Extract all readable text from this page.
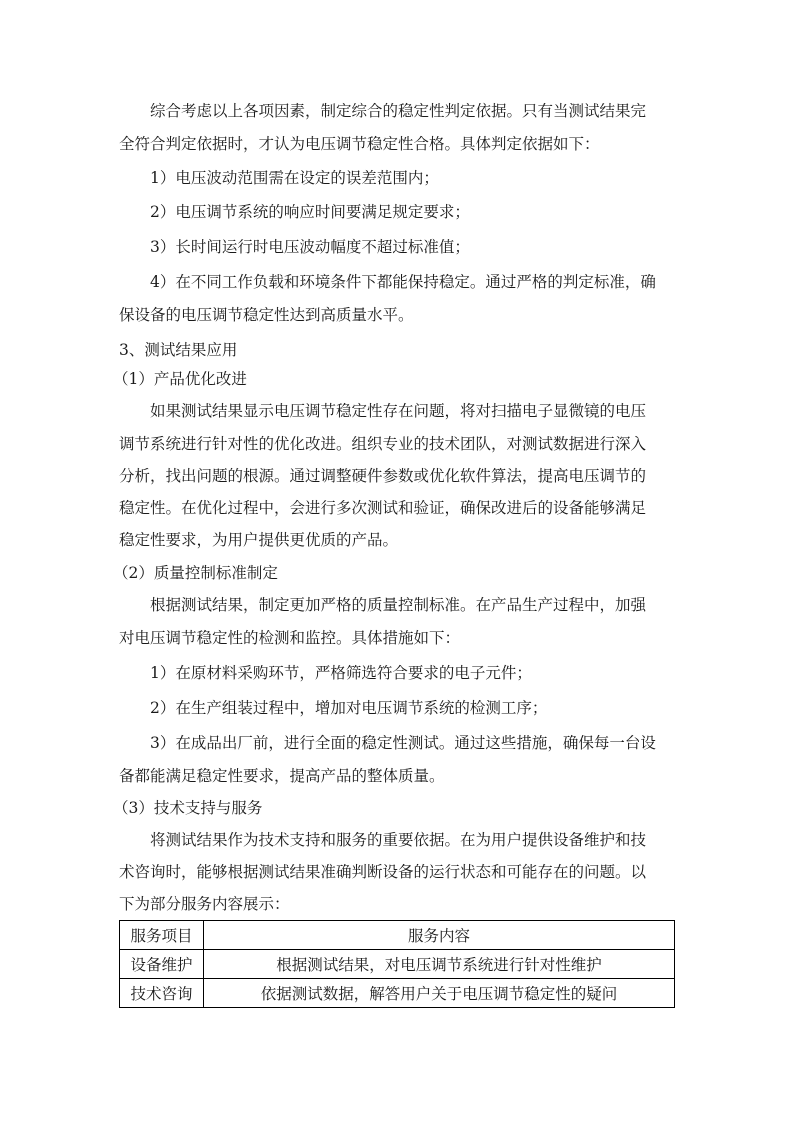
综合考虑以上各项因素，制定综合的稳定性判定依据。只有当测试结果完
全符合判定依据时，才认为电压调节稳定性合格。具体判定依据如下：
1）电压波动范围需在设定的误差范围内；
2）电压调节系统的响应时间要满足规定要求；
3）长时间运行时电压波动幅度不超过标准值；
4）在不同工作负载和环境条件下都能保持稳定。通过严格的判定标准，确
保设备的电压调节稳定性达到高质量水平。
3、测试结果应用
（1）产品优化改进
如果测试结果显示电压调节稳定性存在问题，将对扫描电子显微镜的电压
调节系统进行针对性的优化改进。组织专业的技术团队，对测试数据进行深入
分析，找出问题的根源。通过调整硬件参数或优化软件算法，提高电压调节的
稳定性。在优化过程中，会进行多次测试和验证，确保改进后的设备能够满足
稳定性要求，为用户提供更优质的产品。
（2）质量控制标准制定
根据测试结果，制定更加严格的质量控制标准。在产品生产过程中，加强
对电压调节稳定性的检测和监控。具体措施如下：
1）在原材料采购环节，严格筛选符合要求的电子元件；
2）在生产组装过程中，增加对电压调节系统的检测工序；
3）在成品出厂前，进行全面的稳定性测试。通过这些措施，确保每一台设
备都能满足稳定性要求，提高产品的整体质量。
（3）技术支持与服务
将测试结果作为技术支持和服务的重要依据。在为用户提供设备维护和技
术咨询时，能够根据测试结果准确判断设备的运行状态和可能存在的问题。以
下为部分服务内容展示：
服务项目	服务内容
设备维护	根据测试结果，对电压调节系统进行针对性维护
技术咨询	依据测试数据，解答用户关于电压调节稳定性的疑问
